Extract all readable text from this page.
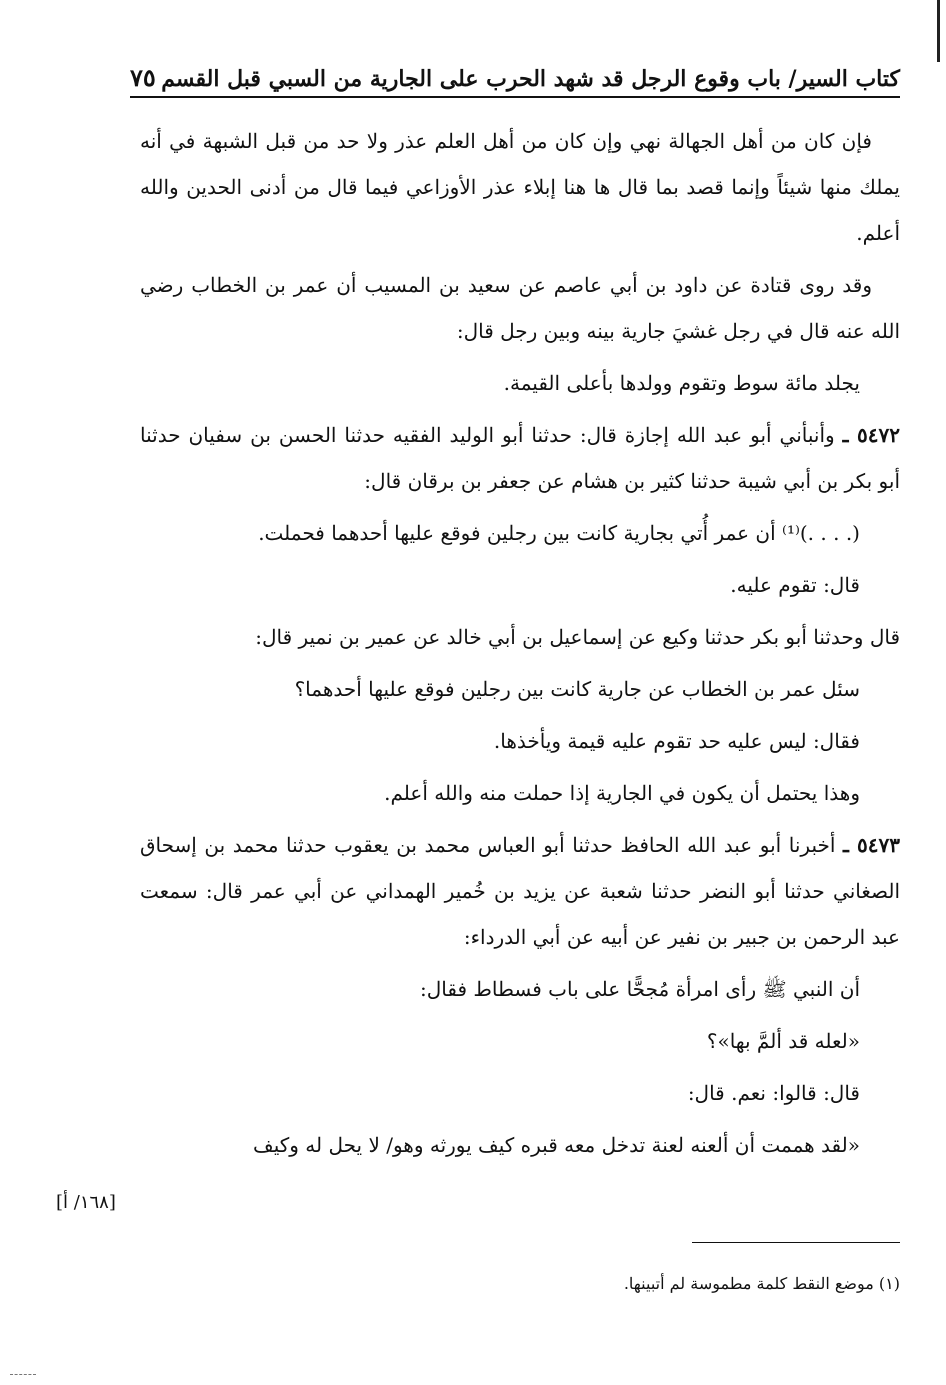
كتاب السير/ باب وقوع الرجل قد شهد الحرب على الجارية من السبي قبل القسم
٧٥

فإن كان من أهل الجهالة نهي وإن كان من أهل العلم عذر ولا حد من قبل الشبهة في أنه يملك منها شيئاً وإنما قصد بما قال ها هنا إبلاء عذر الأوزاعي فيما قال من أدنى الحدين والله أعلم.

وقد روى قتادة عن داود بن أبي عاصم عن سعيد بن المسيب أن عمر بن الخطاب رضي الله عنه قال في رجل غشيَ جارية بينه وبين رجل قال:

يجلد مائة سوط وتقوم وولدها بأعلى القيمة.

٥٤٧٢ ـ وأنبأني أبو عبد الله إجازة قال: حدثنا أبو الوليد الفقيه حدثنا الحسن بن سفيان حدثنا أبو بكر بن أبي شيبة حدثنا كثير بن هشام عن جعفر بن برقان قال:

(. . . .)⁽¹⁾ أن عمر أُتي بجارية كانت بين رجلين فوقع عليها أحدهما فحملت.

قال: تقوم عليه.

قال وحدثنا أبو بكر حدثنا وكيع عن إسماعيل بن أبي خالد عن عمير بن نمير قال:

سئل عمر بن الخطاب عن جارية كانت بين رجلين فوقع عليها أحدهما؟

فقال: ليس عليه حد تقوم عليه قيمة ويأخذها.

وهذا يحتمل أن يكون في الجارية إذا حملت منه والله أعلم.

٥٤٧٣ ـ أخبرنا أبو عبد الله الحافظ حدثنا أبو العباس محمد بن يعقوب حدثنا محمد بن إسحاق الصغاني حدثنا أبو النضر حدثنا شعبة عن يزيد بن خُمير الهمداني عن أبي عمر قال: سمعت عبد الرحمن بن جبير بن نفير عن أبيه عن أبي الدرداء:

أن النبي ﷺ رأى امرأة مُجحًّا على باب فسطاط فقال:

«لعله قد ألمَّ بها»؟

قال: قالوا: نعم. قال:

«لقد هممت أن ألعنه لعنة تدخل معه قبره كيف يورثه وهو/ لا يحل له وكيف

[١٦٨/ أ]
(١) موضع النقط كلمة مطموسة لم أتبينها.
